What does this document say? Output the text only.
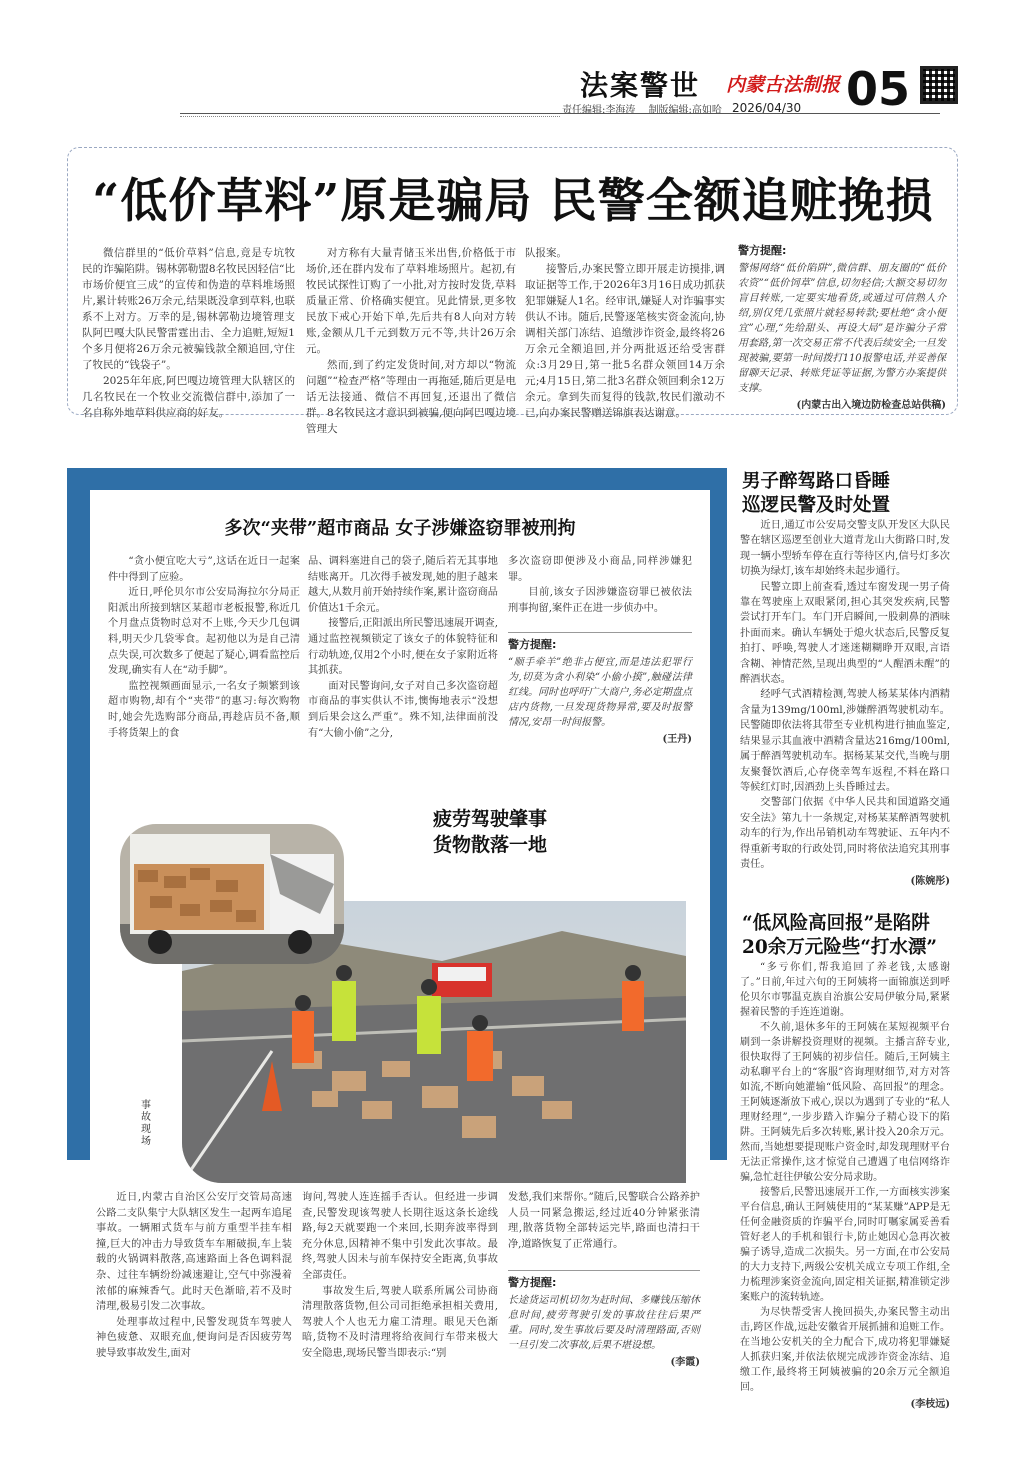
法案警世 内蒙古法制报 05
责任编辑:李海涛 制版编辑:高如哈 2026/04/30
“低价草料”原是骗局 民警全额追赃挽损

微信群里的“低价草料”信息,竟是专坑牧民的诈骗陷阱。锡林郭勒盟8名牧民因轻信“比市场价便宜三成”的宣传和伪造的草料堆场照片,累计转账26万余元,结果既没拿到草料,也联系不上对方。万幸的是,锡林郭勒边境管理支队阿巴嘎大队民警雷霆出击、全力追赃,短短1个多月便将26万余元被骗钱款全额追回,守住了牧民的“钱袋子”。

2025年年底,阿巴嘎边境管理大队辖区的几名牧民在一个牧业交流微信群中,添加了一名自称外地草料供应商的好友。

对方称有大量青储玉米出售,价格低于市场价,还在群内发布了草料堆场照片。起初,有牧民试探性订购了一小批,对方按时发货,草料质量正常、价格确实便宜。见此情景,更多牧民放下戒心开始下单,先后共有8人向对方转账,金额从几千元到数万元不等,共计26万余元。

然而,到了约定发货时间,对方却以“物流问题”“检查严格”等理由一再拖延,随后更是电话无法接通、微信不再回复,还退出了微信群。8名牧民这才意识到被骗,便向阿巴嘎边境管理大

队报案。

接警后,办案民警立即开展走访摸排,调取证据等工作,于2026年3月16日成功抓获犯罪嫌疑人1名。经审讯,嫌疑人对诈骗事实供认不讳。随后,民警逐笔核实资金流向,协调相关部门冻结、追缴涉诈资金,最终将26万余元全额追回,并分两批返还给受害群众:3月29日,第一批5名群众领回14万余元;4月15日,第二批3名群众领回剩余12万余元。拿到失而复得的钱款,牧民们激动不已,向办案民警赠送锦旗表达谢意。

警方提醒:
警惕网络“低价陷阱”,微信群、朋友圈的“低价农资”“低价饲草”信息,切勿轻信;大额交易切勿盲目转账,一定要实地看货,或通过可信熟人介绍,别仅凭几张照片就轻易转款;要杜绝“贪小便宜”心理,“先给甜头、再设大局”是诈骗分子常用套路,第一次交易正常不代表后续安全;一旦发现被骗,要第一时间拨打110报警电话,并妥善保留聊天记录、转账凭证等证据,为警方办案提供支撑。
(内蒙古出入境边防检查总站供稿)
多次“夹带”超市商品 女子涉嫌盗窃罪被刑拘

“贪小便宜吃大亏”,这话在近日一起案件中得到了应验。

近日,呼伦贝尔市公安局海拉尔分局正阳派出所接到辖区某超市老板报警,称近几个月盘点货物时总对不上账,今天少几包调料,明天少几袋零食。起初他以为是自己清点失误,可次数多了便起了疑心,调看监控后发现,确实有人在“动手脚”。

监控视频画面显示,一名女子频繁到该超市购物,却有个“夹带”的惠习:每次购物时,她会先选购部分商品,再趁店员不备,顺手将货架上的食

品、调料塞进自己的袋子,随后若无其事地结账离开。几次得手被发现,她的胆子越来越大,从数月前开始持续作案,累计盗窃商品价值达1千余元。

接警后,正阳派出所民警迅速展开调查,通过监控视频锁定了该女子的体貌特征和行动轨迹,仅用2个小时,便在女子家附近将其抓获。

面对民警询问,女子对自己多次盗窃超市商品的事实供认不讳,懊悔地表示“没想到后果会这么严重”。殊不知,法律面前没有“大偷小偷”之分,

多次盗窃即便涉及小商品,同样涉嫌犯罪。

目前,该女子因涉嫌盗窃罪已被依法刑事拘留,案件正在进一步侦办中。

警方提醒:
“顺手牵羊”绝非占便宜,而是违法犯罪行为,切莫为贪小利染“小偷小摸”,触碰法律红线。同时也呼吁广大商户,务必定期盘点店内货物,一旦发现货物异常,要及时报警情况,安昂一时间报警。
(王丹)
疲劳驾驶肇事
货物散落一地
事故现场

近日,内蒙古自治区公安厅交管局高速公路二支队集宁大队辖区发生一起两车追尾事故。一辆厢式货车与前方重型半挂车相撞,巨大的冲击力导致货车车厢破损,车上装载的火锅调料散落,高速路面上各色调料混杂、过往车辆纷纷减速避让,空气中弥漫着浓郁的麻辣香气。此时天色渐暗,若不及时清理,极易引发二次事故。

处理事故过程中,民警发现货车驾驶人神色疲惫、双眼充血,便询问是否因疲劳驾驶导致事故发生,面对

询问,驾驶人连连摇手否认。但经进一步调查,民警发现该驾驶人长期往返这条长途线路,每2天就要跑一个来回,长期奔波率得到充分休息,因精神不集中引发此次事故。最终,驾驶人因未与前车保持安全距离,负事故全部责任。

事故发生后,驾驶人联系所属公司协商清理散落货物,但公司司拒绝承担相关费用,驾驶人个人也无力雇工清理。眼见天色渐暗,货物不及时清理将给夜间行车带来极大安全隐患,现场民警当即表示:“别

发愁,我们来帮你。”随后,民警联合公路养护人员一同紧急搬运,经过近40分钟紧张清理,散落货物全部转运完毕,路面也清扫干净,道路恢复了正常通行。

警方提醒:
长途货运司机切勿为赶时间、多赚钱压缩休息时间,疲劳驾驶引发的事故往往后果严重。同时,发生事故后要及时清理路面,否则一旦引发二次事故,后果不堪设想。
(李霞)
男子醉驾路口昏睡
巡逻民警及时处置

近日,通辽市公安局交警支队开发区大队民警在辖区巡逻至创业大道青龙山大街路口时,发现一辆小型轿车停在直行等待区内,信号灯多次切换为绿灯,该车却始终未起步通行。

民警立即上前查看,透过车窗发现一男子倚靠在驾驶座上双眼紧闭,担心其突发疾病,民警尝试打开车门。车门开启瞬间,一股刺鼻的酒味扑面而来。确认车辆处于熄火状态后,民警反复拍打、呼唤,驾驶人才迷迷糊糊睁开双眼,言语含糊、神情茫然,呈现出典型的“人醒酒未醒”的醉酒状态。

经呼气式酒精检测,驾驶人杨某某体内酒精含量为139mg/100ml,涉嫌醉酒驾驶机动车。民警随即依法将其带至专业机构进行抽血鉴定,结果显示其血液中酒精含量达216mg/100ml,属于醉酒驾驶机动车。据杨某某交代,当晚与朋友聚餐饮酒后,心存侥幸驾车返程,不料在路口等候红灯时,因酒劲上头昏睡过去。

交警部门依据《中华人民共和国道路交通安全法》第九十一条规定,对杨某某醉酒驾驶机动车的行为,作出吊销机动车驾驶证、五年内不得重新考取的行政处罚,同时将依法追究其刑事责任。

(陈婉彤)
“低风险高回报”是陷阱
20余万元险些“打水漂”

“多亏你们,帮我追回了养老钱,太感谢了。”日前,年过六旬的王阿姨将一面锦旗送到呼伦贝尔市鄂温克族自治旗公安局伊敏分局,紧紧握着民警的手连连道谢。

不久前,退休多年的王阿姨在某短视频平台刷到一条讲解投资理财的视频。主播言辞专业,很快取得了王阿姨的初步信任。随后,王阿姨主动私聊平台上的“客服”咨询理财细节,对方对答如流,不断向她灌输“低风险、高回报”的理念。王阿姨逐渐放下戒心,误以为遇到了专业的“私人理财经理”,一步步踏入诈骗分子精心设下的陷阱。王阿姨先后多次转账,累计投入20余万元。然而,当她想要提现账户资金时,却发现理财平台无法正常操作,这才惊觉自己遭遇了电信网络诈骗,急忙赶往伊敏公安分局求助。

接警后,民警迅速展开工作,一方面核实涉案平台信息,确认王阿姨使用的“某某赚”APP是无任何金融资质的诈骗平台,同时叮嘱家属妥善看管好老人的手机和银行卡,防止她因心急再次被骗子诱导,造成二次损失。另一方面,在市公安局的大力支持下,两级公安机关成立专项工作组,全力梳理涉案资金流向,固定相关证据,精准锁定涉案账户的流转轨迹。

为尽快帮受害人挽回损失,办案民警主动出击,跨区作战,远赴安徽省开展抓捕和追赃工作。在当地公安机关的全力配合下,成功将犯罪嫌疑人抓获归案,并依法依规完成涉诈资金冻结、追缴工作,最终将王阿姨被骗的20余万元全额追回。

(李枝远)
